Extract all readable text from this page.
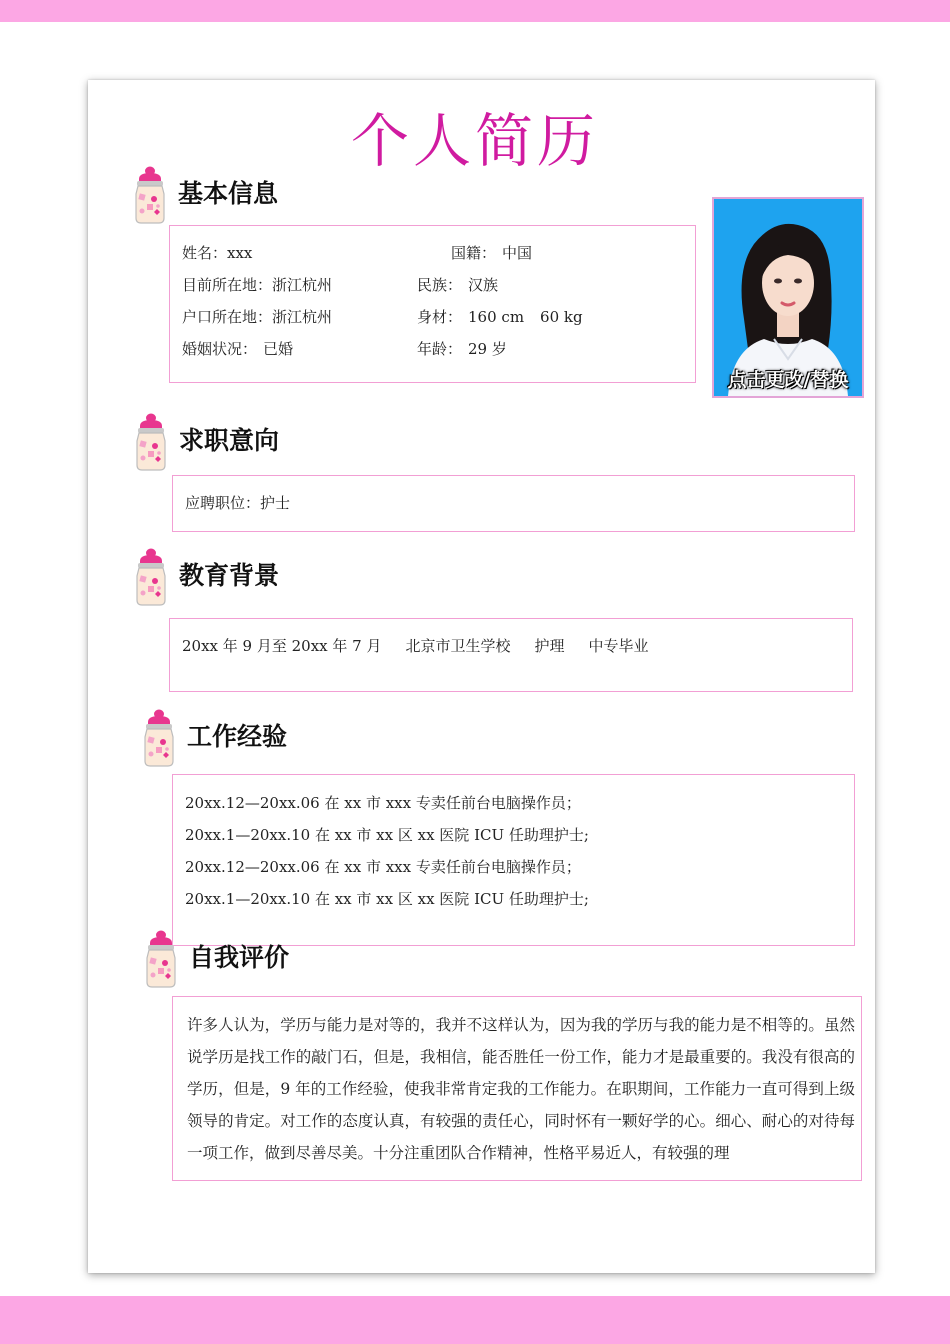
个人简历
基本信息
姓名：xxx	国籍： 中国
目前所在地：浙江杭州	民族： 汉族
户口所在地：浙江杭州	身材： 160 cm 60 kg
婚姻状况： 已婚	年龄： 29 岁
点击更改/替换
求职意向
应聘职位：护士
教育背景
20xx 年 9 月至 20xx 年 7 月 北京市卫生学校 护理 中专毕业
工作经验
20xx.12—20xx.06 在 xx 市 xxx 专卖任前台电脑操作员；
20xx.1—20xx.10 在 xx 市 xx 区 xx 医院 ICU 任助理护士;
20xx.12—20xx.06 在 xx 市 xxx 专卖任前台电脑操作员；
20xx.1—20xx.10 在 xx 市 xx 区 xx 医院 ICU 任助理护士;
自我评价
许多人认为，学历与能力是对等的，我并不这样认为，因为我的学历与我的能力是不相等的。虽然说学历是找工作的敲门石，但是，我相信，能否胜任一份工作，能力才是最重要的。我没有很高的学历，但是，9 年的工作经验，使我非常肯定我的工作能力。在职期间，工作能力一直可得到上级领导的肯定。对工作的态度认真，有较强的责任心，同时怀有一颗好学的心。细心、耐心的对待每一项工作，做到尽善尽美。十分注重团队合作精神，性格平易近人，有较强的理
